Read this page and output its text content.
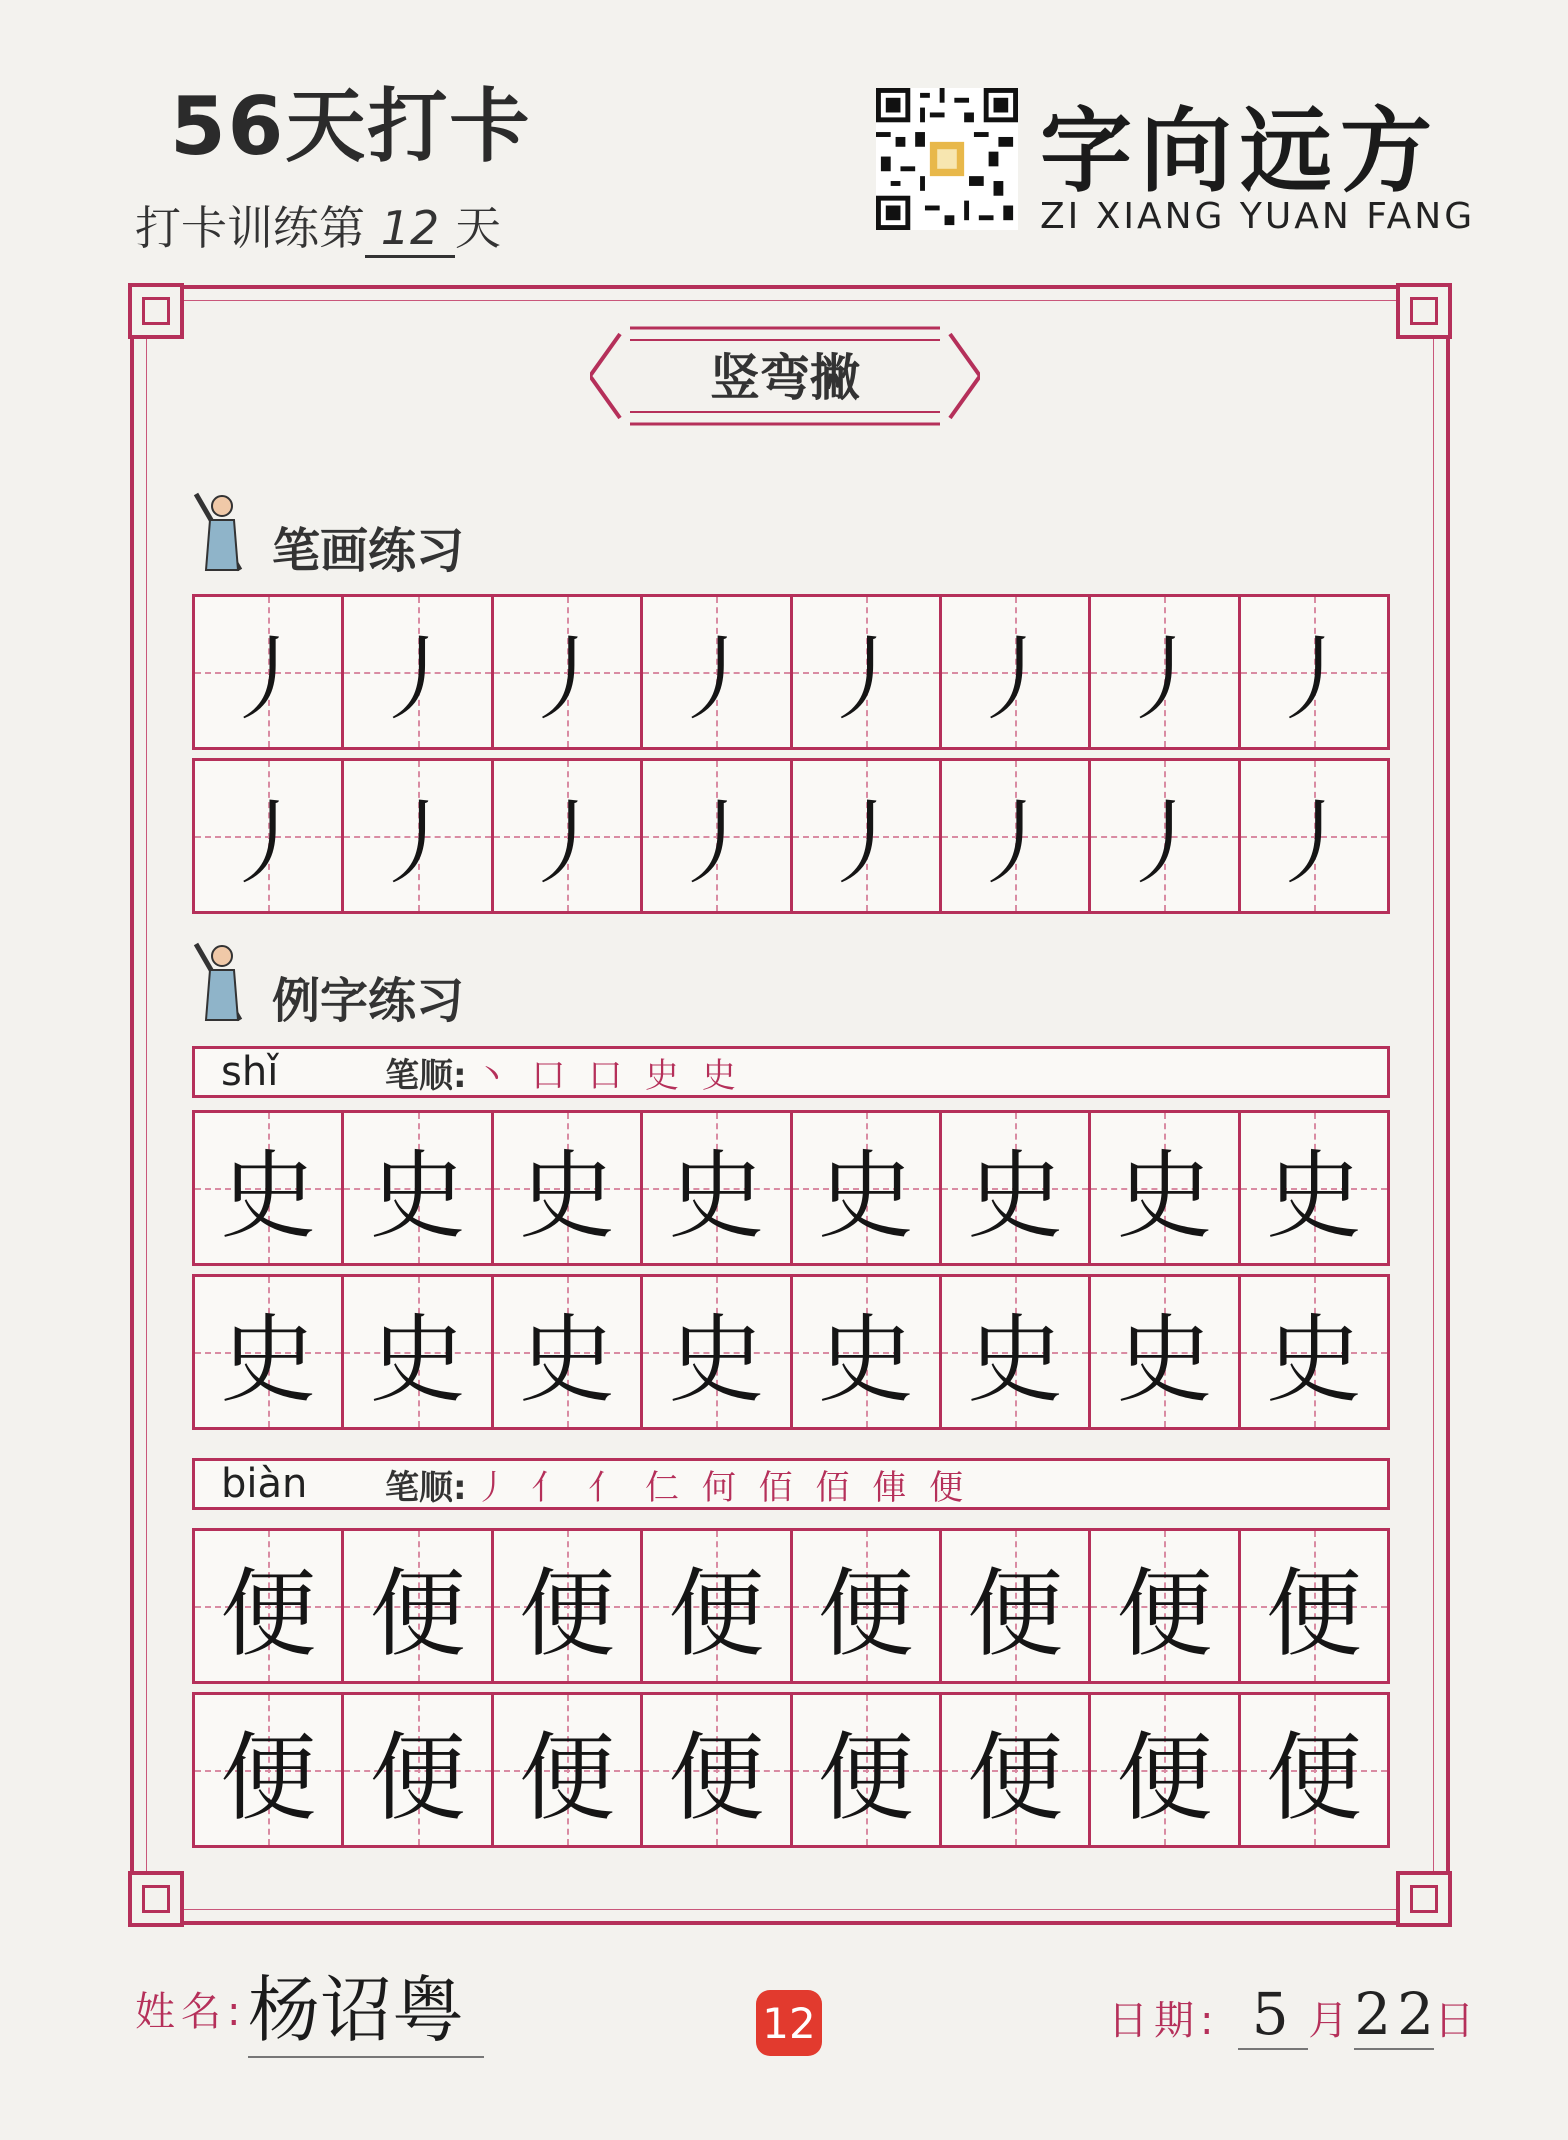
56天打卡
打卡训练第 12 天
字向远方
ZI XIANG YUAN FANG
竖弯撇
笔画练习
丿 丿 丿 丿 丿 丿 丿 丿
丿 丿 丿 丿 丿 丿 丿 丿
例字练习
shǐ	笔顺: 丶 口 口 史 史
史 史 史 史 史 史 史 史
史 史 史 史 史 史 史 史
biàn	笔顺: 丿 亻 亻 仁 何 佰 佰 俥 便
便 便 便 便 便 便 便 便
便 便 便 便 便 便 便 便
姓名: 杨诏粤	12	日期: 5 月22日
